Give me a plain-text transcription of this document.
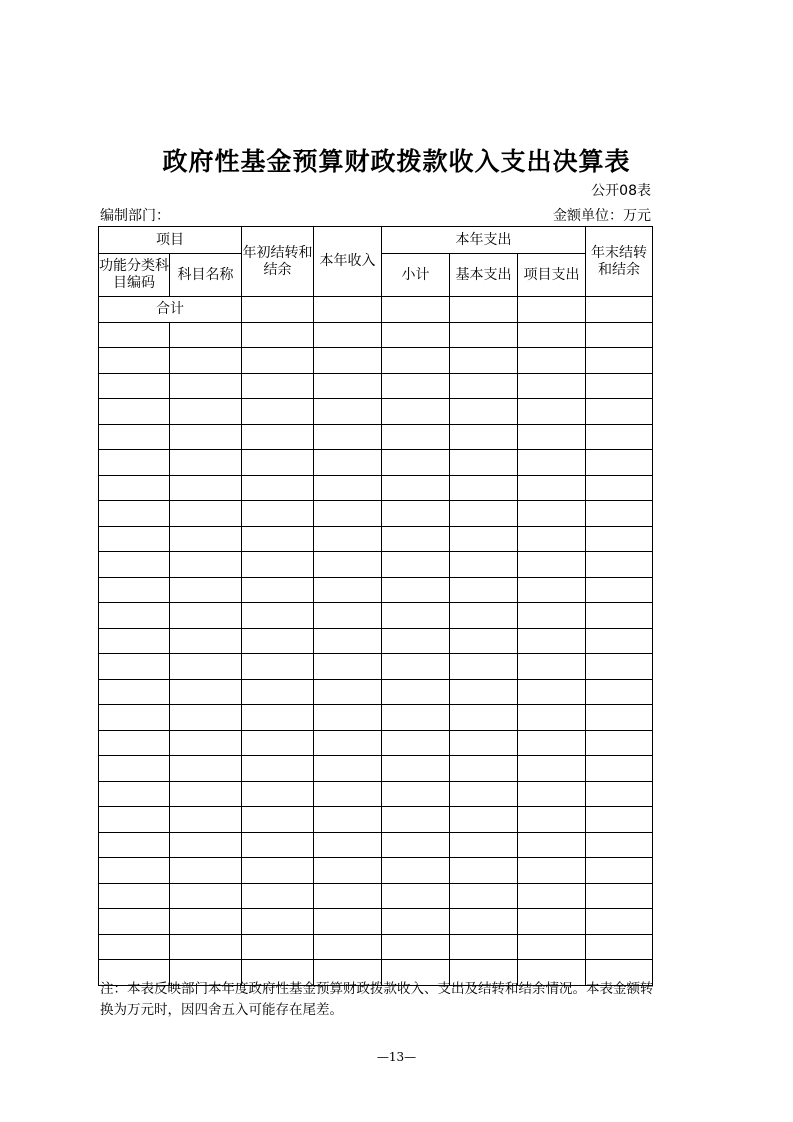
政府性基金预算财政拨款收入支出决算表
公开08表
编制部门：	金额单位：万元
项目		年初结转和结余	本年收入	本年支出			年末结转和结余
功能分类科目编码	科目名称			小计	基本支出	项目支出	
合计							

注：本表反映部门本年度政府性基金预算财政拨款收入、支出及结转和结余情况。本表金额转换为万元时，因四舍五入可能存在尾差。
—13—
